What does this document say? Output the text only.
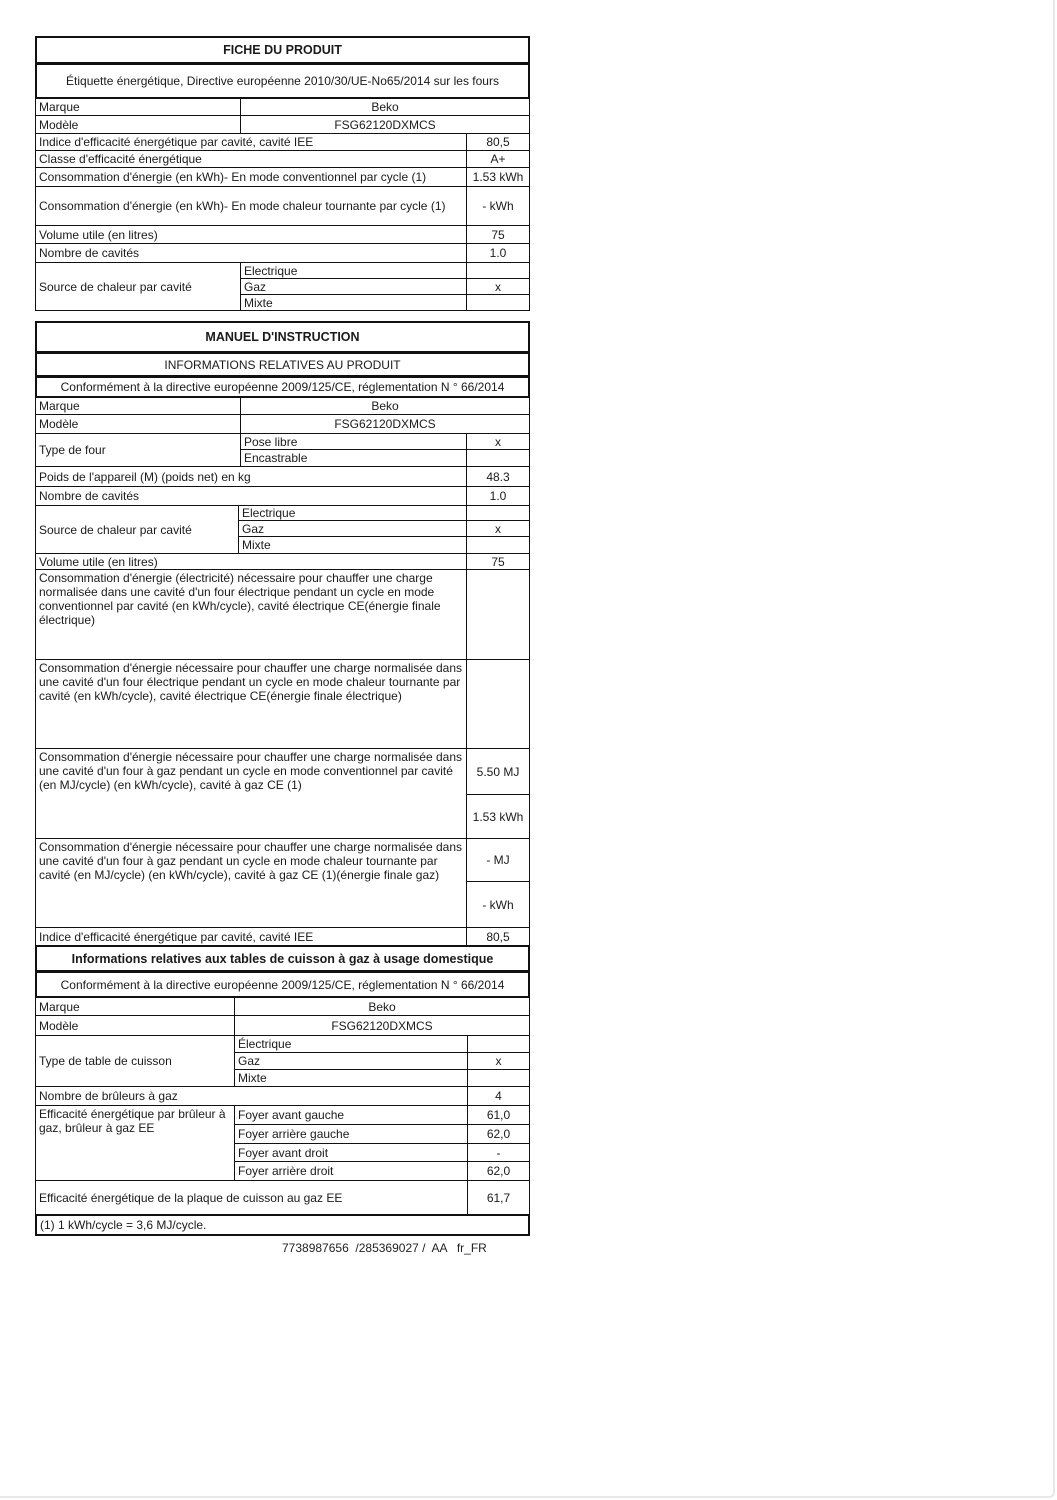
FICHE DU PRODUIT
Étiquette énergétique, Directive européenne 2010/30/UE-No65/2014 sur les fours
Marque	Beko
Modèle	FSG62120DXMCS
Indice d'efficacité énergétique par cavité, cavité IEE	80,5
Classe d'efficacité énergétique	A+
Consommation d'énergie (en kWh)- En mode conventionnel par cycle (1)	1.53 kWh
Consommation d'énergie (en kWh)- En mode chaleur tournante par cycle (1)	- kWh
Volume utile (en litres)	75
Nombre de cavités	1.0
Source de chaleur par cavité
Electrique
Gaz	x
Mixte
MANUEL D'INSTRUCTION
INFORMATIONS RELATIVES AU PRODUIT
Conformément à la directive européenne 2009/125/CE, réglementation N ° 66/2014
Marque	Beko
Modèle	FSG62120DXMCS
Type de four
Pose libre	x
Encastrable
Poids de l'appareil (M) (poids net) en kg	48.3
Nombre de cavités	1.0
Source de chaleur par cavité
Electrique
Gaz	x
Mixte
Volume utile (en litres)	75
Consommation d'énergie (électricité) nécessaire pour chauffer une charge normalisée dans une cavité d'un four électrique pendant un cycle en mode conventionnel par cavité (en kWh/cycle), cavité électrique CE(énergie finale électrique)
Consommation d'énergie nécessaire pour chauffer une charge normalisée dans une cavité d'un four électrique pendant un cycle en mode chaleur tournante par cavité (en kWh/cycle), cavité électrique CE(énergie finale électrique)
Consommation d'énergie nécessaire pour chauffer une charge normalisée dans une cavité d'un four à gaz pendant un cycle en mode conventionnel par cavité (en MJ/cycle) (en kWh/cycle), cavité à gaz CE (1)
5.50 MJ
1.53 kWh
Consommation d'énergie nécessaire pour chauffer une charge normalisée dans une cavité d'un four à gaz pendant un cycle en mode chaleur tournante par cavité (en MJ/cycle) (en kWh/cycle), cavité à gaz CE (1)(énergie finale gaz)
- MJ
- kWh
Indice d'efficacité énergétique par cavité, cavité IEE	80,5
Informations relatives aux tables de cuisson à gaz à usage domestique
Conformément à la directive européenne 2009/125/CE, réglementation N ° 66/2014
Marque	Beko
Modèle	FSG62120DXMCS
Type de table de cuisson
Électrique
Gaz	x
Mixte
Nombre de brûleurs à gaz	4
Efficacité énergétique par brûleur à gaz, brûleur à gaz EE
Foyer avant gauche	61,0
Foyer arrière gauche	62,0
Foyer avant droit	-
Foyer arrière droit	62,0
Efficacité énergétique de la plaque de cuisson au gaz EE	61,7
(1) 1 kWh/cycle = 3,6 MJ/cycle.
7738987656  /285369027 /  AA   fr_FR
